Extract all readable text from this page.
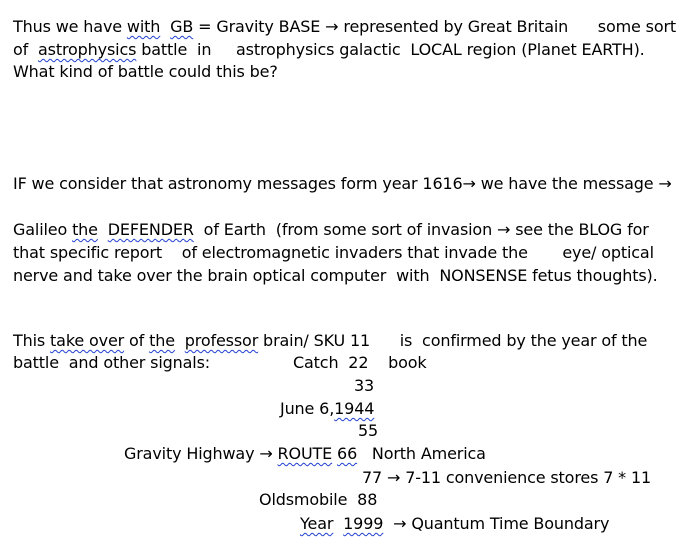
Thus we have with GB = Gravity BASE → represented by Great Britain      some sort
of  astrophysics battle  in     astrophysics galactic  LOCAL region (Planet EARTH).
What kind of battle could this be?
IF we consider that astronomy messages form year 1616→ we have the message →
Galileo the DEFENDER  of Earth  (from some sort of invasion → see the BLOG for
that specific report    of electromagnetic invaders that invade the       eye/ optical
nerve and take over the brain optical computer  with  NONSENSE fetus thoughts).
This take over of the professor brain/ SKU 11      is  confirmed by the year of the
battle  and other signals:	Catch  22    book
33
June 6,1944
55
Gravity Highway → ROUTE 66   North America
77 → 7-11 convenience stores 7 * 11
Oldsmobile  88
Year 1999  → Quantum Time Boundary
